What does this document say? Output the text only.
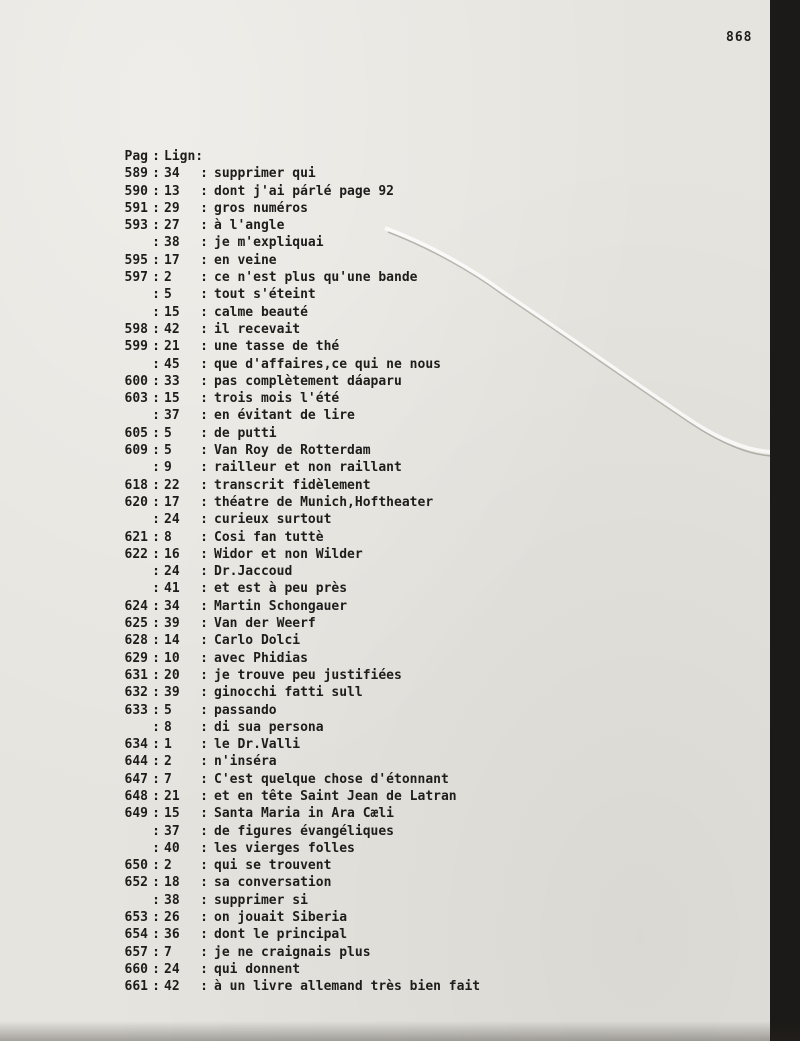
868
Pag : Lign:
589 : 34	: supprimer qui
590 : 13	: dont j'ai párlé page 92
591 : 29	: gros numéros
593 : 27	: à l'angle
: 38	: je m'expliquai
595 : 17	: en veine
597 : 2	: ce n'est plus qu'une bande
: 5	: tout s'éteint
: 15	: calme beauté
598 : 42	: il recevait
599 : 21	: une tasse de thé
: 45	: que d'affaires,ce qui ne nous
600 : 33	: pas complètement dáaparu
603 : 15	: trois mois l'été
: 37	: en évitant de lire
605 : 5	: de putti
609 : 5	: Van Roy de Rotterdam
: 9	: railleur et non raillant
618 : 22	: transcrit fidèlement
620 : 17	: théatre de Munich,Hoftheater
: 24	: curieux surtout
621 : 8	: Cosi fan tuttè
622 : 16	: Widor et non Wilder
: 24	: Dr.Jaccoud
: 41	: et est à peu près
624 : 34	: Martin Schongauer
625 : 39	: Van der Weerf
628 : 14	: Carlo Dolci
629 : 10	: avec Phidias
631 : 20	: je trouve peu justifiées
632 : 39	: ginocchi fatti sull
633 : 5	: passando
: 8	: di sua persona
634 : 1	: le Dr.Valli
644 : 2	: n'inséra
647 : 7	: C'est quelque chose d'étonnant
648 : 21	: et en tête Saint Jean de Latran
649 : 15	: Santa Maria in Ara Cæli
: 37	: de figures évangéliques
: 40	: les vierges folles
650 : 2	: qui se trouvent
652 : 18	: sa conversation
: 38	: supprimer si
653 : 26	: on jouait Siberia
654 : 36	: dont le principal
657 : 7	: je ne craignais plus
660 : 24	: qui donnent
661 : 42	: à un livre allemand très bien fait
